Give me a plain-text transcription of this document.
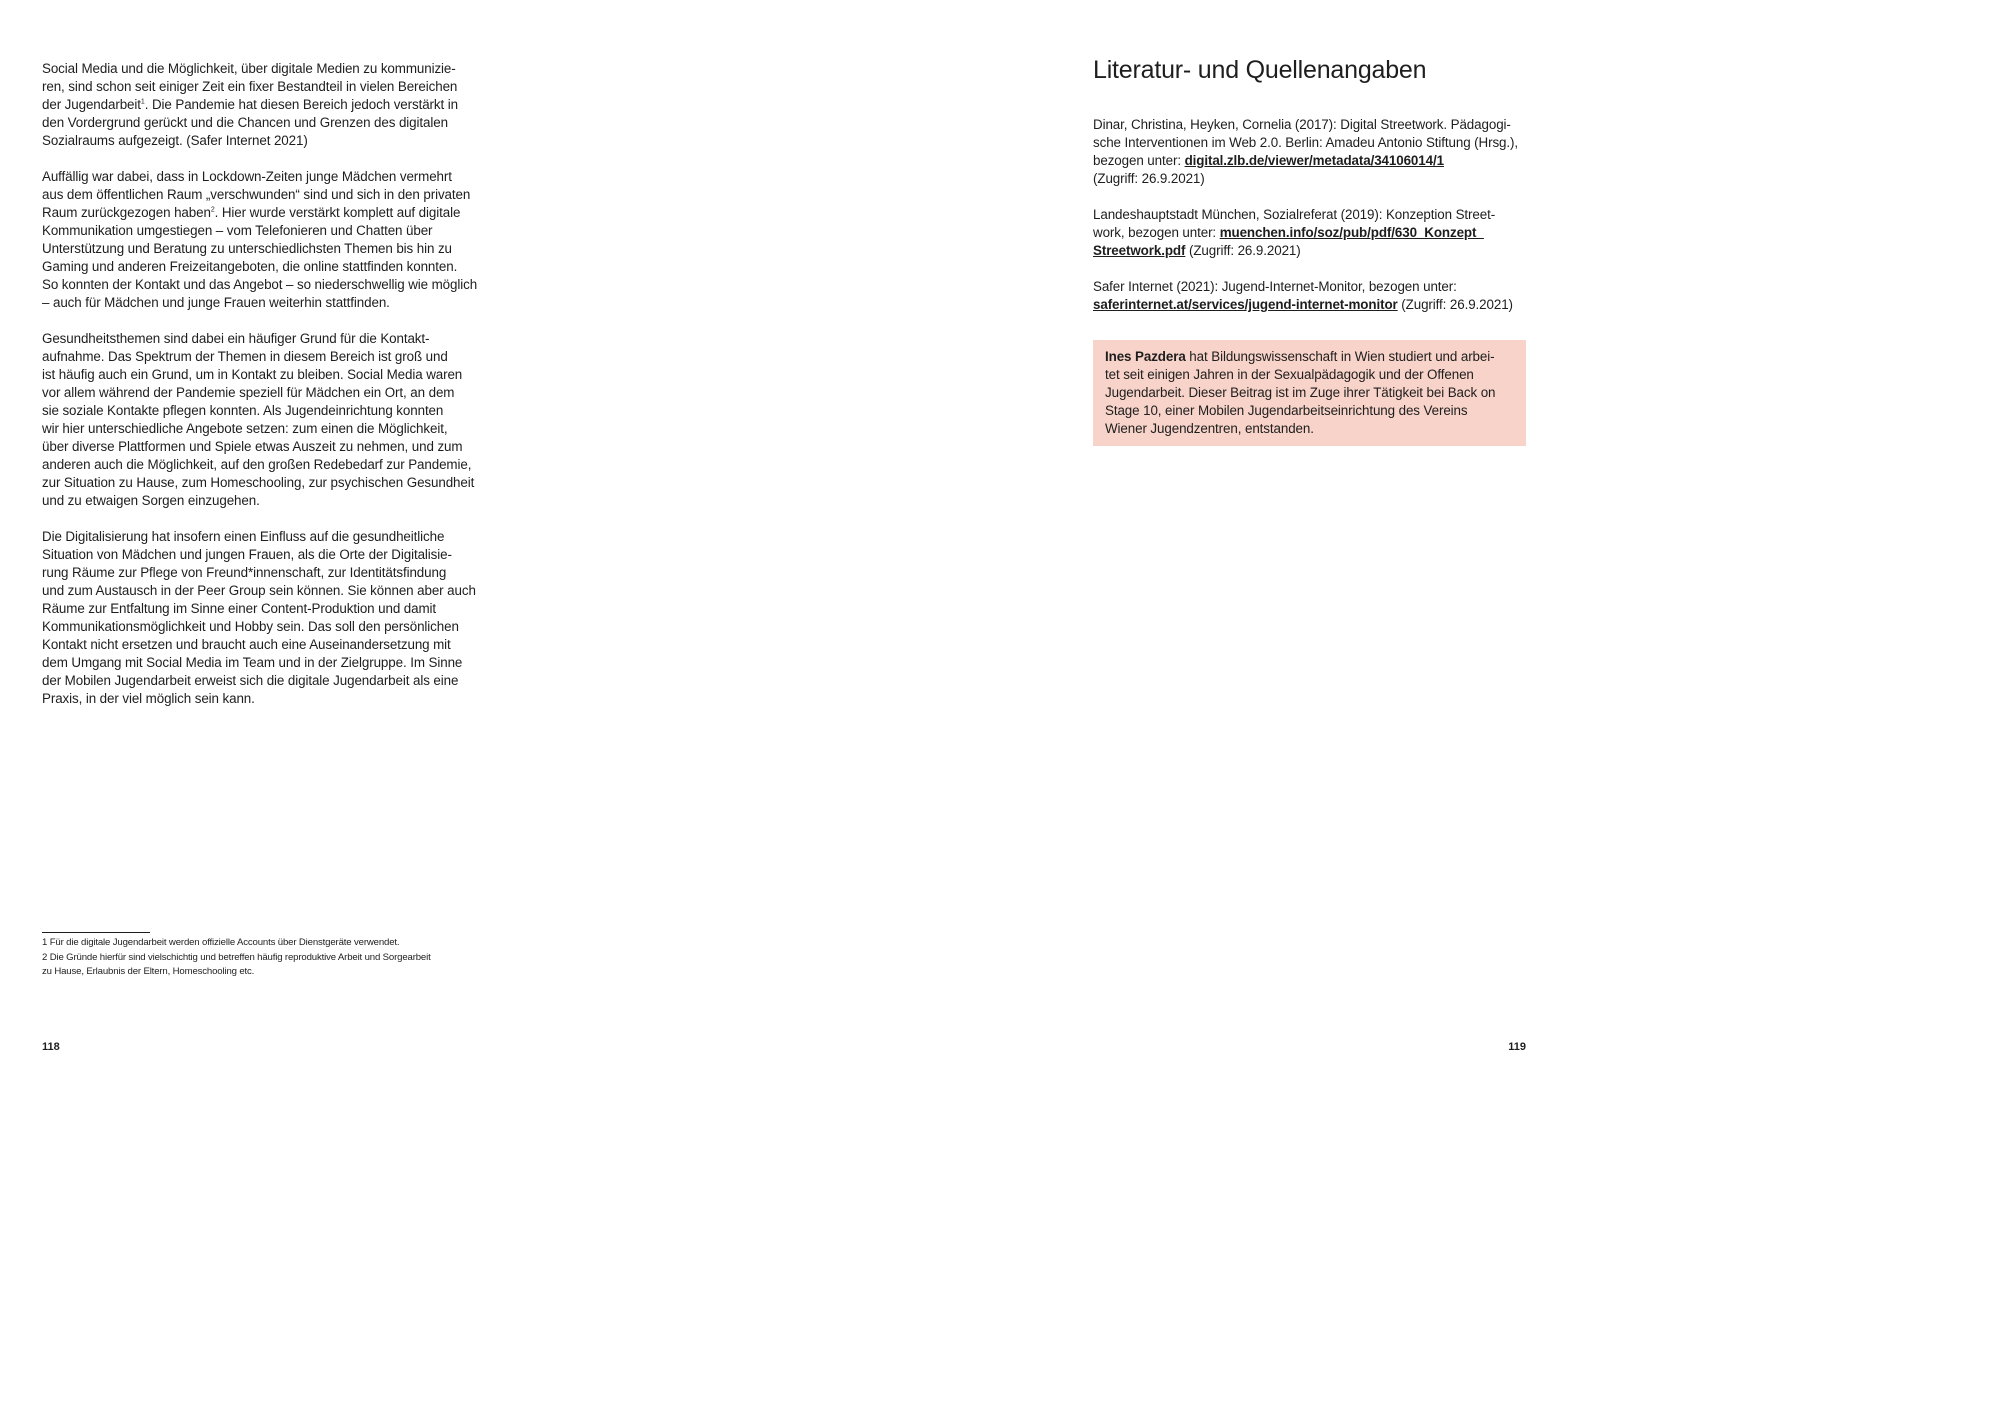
Social Media und die Möglichkeit, über digitale Medien zu kommunizie-
ren, sind schon seit einiger Zeit ein fixer Bestandteil in vielen Bereichen
der Jugendarbeit$^1$. Die Pandemie hat diesen Bereich jedoch verstärkt in
den Vordergrund gerückt und die Chancen und Grenzen des digitalen
Sozialraums aufgezeigt. (Safer Internet 2021)

Auffällig war dabei, dass in Lockdown-Zeiten junge Mädchen vermehrt
aus dem öffentlichen Raum „verschwunden“ sind und sich in den privaten
Raum zurückgezogen haben$^2$. Hier wurde verstärkt komplett auf digitale
Kommunikation umgestiegen – vom Telefonieren und Chatten über
Unterstützung und Beratung zu unterschiedlichsten Themen bis hin zu
Gaming und anderen Freizeitangeboten, die online stattfinden konnten.
So konnten der Kontakt und das Angebot – so niederschwellig wie möglich
– auch für Mädchen und junge Frauen weiterhin stattfinden.

Gesundheitsthemen sind dabei ein häufiger Grund für die Kontakt-
aufnahme. Das Spektrum der Themen in diesem Bereich ist groß und
ist häufig auch ein Grund, um in Kontakt zu bleiben. Social Media waren
vor allem während der Pandemie speziell für Mädchen ein Ort, an dem
sie soziale Kontakte pflegen konnten. Als Jugendeinrichtung konnten
wir hier unterschiedliche Angebote setzen: zum einen die Möglichkeit,
über diverse Plattformen und Spiele etwas Auszeit zu nehmen, und zum
anderen auch die Möglichkeit, auf den großen Redebedarf zur Pandemie,
zur Situation zu Hause, zum Homeschooling, zur psychischen Gesundheit
und zu etwaigen Sorgen einzugehen.

Die Digitalisierung hat insofern einen Einfluss auf die gesundheitliche
Situation von Mädchen und jungen Frauen, als die Orte der Digitalisie-
rung Räume zur Pflege von Freund*innenschaft, zur Identitätsfindung
und zum Austausch in der Peer Group sein können. Sie können aber auch
Räume zur Entfaltung im Sinne einer Content-Produktion und damit
Kommunikationsmöglichkeit und Hobby sein. Das soll den persönlichen
Kontakt nicht ersetzen und braucht auch eine Auseinandersetzung mit
dem Umgang mit Social Media im Team und in der Zielgruppe. Im Sinne
der Mobilen Jugendarbeit erweist sich die digitale Jugendarbeit als eine
Praxis, in der viel möglich sein kann.

1 Für die digitale Jugendarbeit werden offizielle Accounts über Dienstgeräte verwendet.

2 Die Gründe hierfür sind vielschichtig und betreffen häufig reproduktive Arbeit und Sorgearbeit
zu Hause, Erlaubnis der Eltern, Homeschooling etc.

118
Literatur- und Quellenangaben

Dinar, Christina, Heyken, Cornelia (2017): Digital Streetwork. Pädagogi-
sche Interventionen im Web 2.0. Berlin: Amadeu Antonio Stiftung (Hrsg.),
bezogen unter: digital.zlb.de/viewer/metadata/34106014/1
(Zugriff: 26.9.2021)

Landeshauptstadt München, Sozialreferat (2019): Konzeption Street-
work, bezogen unter: muenchen.info/soz/pub/pdf/630_Konzept_
Streetwork.pdf (Zugriff: 26.9.2021)

Safer Internet (2021): Jugend-Internet-Monitor, bezogen unter:
saferinternet.at/services/jugend-internet-monitor (Zugriff: 26.9.2021)

Ines Pazdera hat Bildungswissenschaft in Wien studiert und arbei-
tet seit einigen Jahren in der Sexualpädagogik und der Offenen
Jugendarbeit. Dieser Beitrag ist im Zuge ihrer Tätigkeit bei Back on
Stage 10, einer Mobilen Jugendarbeitseinrichtung des Vereins
Wiener Jugendzentren, entstanden.
119
